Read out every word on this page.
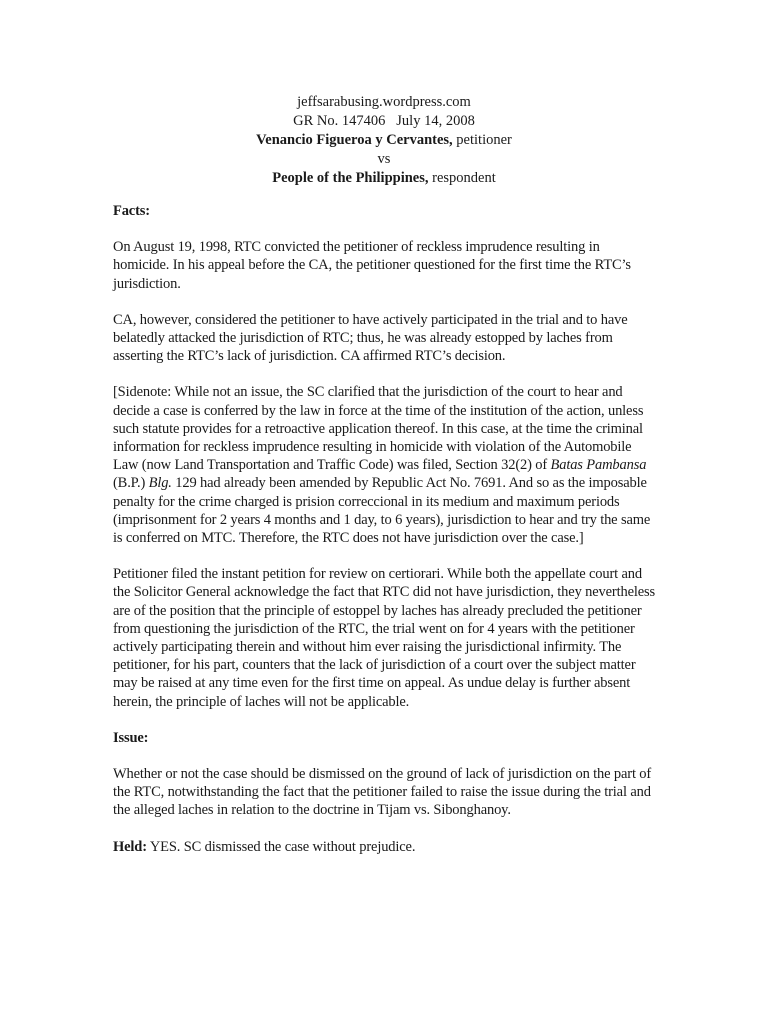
jeffsarabusing.wordpress.com
GR No. 147406 July 14, 2008
Venancio Figueroa y Cervantes, petitioner
vs
People of the Philippines, respondent

Facts:

On August 19, 1998, RTC convicted the petitioner of reckless imprudence resulting in homicide. In his appeal before the CA, the petitioner questioned for the first time the RTC’s jurisdiction.

CA, however, considered the petitioner to have actively participated in the trial and to have belatedly attacked the jurisdiction of RTC; thus, he was already estopped by laches from asserting the RTC’s lack of jurisdiction. CA affirmed RTC’s decision.

[Sidenote: While not an issue, the SC clarified that the jurisdiction of the court to hear and decide a case is conferred by the law in force at the time of the institution of the action, unless such statute provides for a retroactive application thereof. In this case, at the time the criminal information for reckless imprudence resulting in homicide with violation of the Automobile Law (now Land Transportation and Traffic Code) was filed, Section 32(2) of Batas Pambansa (B.P.) Blg. 129 had already been amended by Republic Act No. 7691. And so as the imposable penalty for the crime charged is prision correccional in its medium and maximum periods (imprisonment for 2 years 4 months and 1 day, to 6 years), jurisdiction to hear and try the same is conferred on MTC. Therefore, the RTC does not have jurisdiction over the case.]

Petitioner filed the instant petition for review on certiorari. While both the appellate court and the Solicitor General acknowledge the fact that RTC did not have jurisdiction, they nevertheless are of the position that the principle of estoppel by laches has already precluded the petitioner from questioning the jurisdiction of the RTC, the trial went on for 4 years with the petitioner actively participating therein and without him ever raising the jurisdictional infirmity. The petitioner, for his part, counters that the lack of jurisdiction of a court over the subject matter may be raised at any time even for the first time on appeal. As undue delay is further absent herein, the principle of laches will not be applicable.

Issue:

Whether or not the case should be dismissed on the ground of lack of jurisdiction on the part of the RTC, notwithstanding the fact that the petitioner failed to raise the issue during the trial and the alleged laches in relation to the doctrine in Tijam vs. Sibonghanoy.

Held: YES. SC dismissed the case without prejudice.
